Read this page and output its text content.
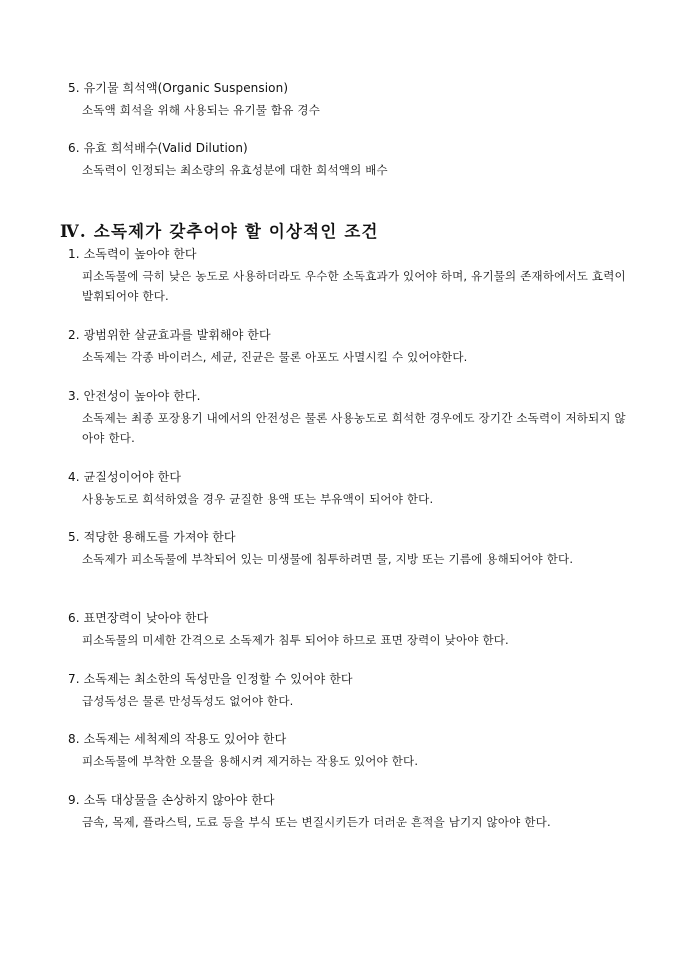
5. 유기물 희석액(Organic Suspension)
소독액 희석을 위해 사용되는 유기물 함유 경수
6. 유효 희석배수(Valid Dilution)
소독력이 인정되는 최소량의 유효성분에 대한 희석액의 배수
Ⅳ. 소독제가 갖추어야 할 이상적인 조건
1. 소독력이 높아야 한다
피소독물에 극히 낮은 농도로 사용하더라도 우수한 소독효과가 있어야 하며, 유기물의 존재하에서도 효력이 발휘되어야 한다.
2. 광범위한 살균효과를 발휘해야 한다
소독제는 각종 바이러스, 세균, 진균은 물론 아포도 사멸시킬 수 있어야한다.
3. 안전성이 높아야 한다.
소독제는 최종 포장용기 내에서의 안전성은 물론 사용농도로 희석한 경우에도 장기간 소독력이 저하되지 않아야 한다.
4. 균질성이어야 한다
사용농도로 희석하였을 경우 균질한 용액 또는 부유액이 되어야 한다.
5. 적당한 용해도를 가져야 한다
소독제가 피소독물에 부착되어 있는 미생물에 침투하려면 물, 지방 또는 기름에 용해되어야 한다.
6. 표면장력이 낮아야 한다
피소독물의 미세한 간격으로 소독제가 침투 되어야 하므로 표면 장력이 낮아야 한다.
7. 소독제는 최소한의 독성만을 인정할 수 있어야 한다
급성독성은 물론 만성독성도 없어야 한다.
8. 소독제는 세척제의 작용도 있어야 한다
피소독물에 부착한 오물을 용해시켜 제거하는 작용도 있어야 한다.
9. 소독 대상물을 손상하지 않아야 한다
금속, 목제, 플라스틱, 도료 등을 부식 또는 변질시키든가 더러운 흔적을 남기지 않아야 한다.
